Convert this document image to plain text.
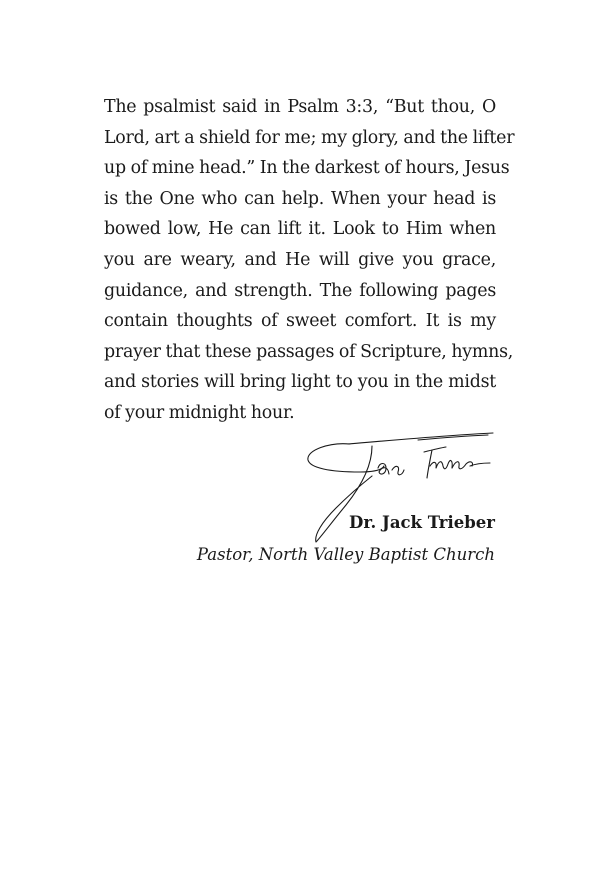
The psalmist said in Psalm 3:3, “But thou, O
Lord, art a shield for me; my glory, and the lifter
up of mine head.” In the darkest of hours, Jesus
is the One who can help. When your head is
bowed low, He can lift it. Look to Him when
you are weary, and He will give you grace,
guidance, and strength. The following pages
contain thoughts of sweet comfort. It is my
prayer that these passages of Scripture, hymns,
and stories will bring light to you in the midst
of your midnight hour.
Dr. Jack Trieber
Pastor, North Valley Baptist Church
